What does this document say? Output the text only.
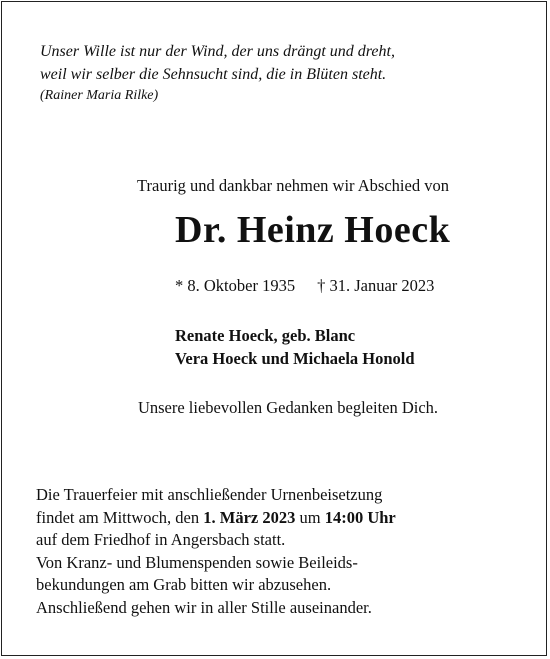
Unser Wille ist nur der Wind, der uns drängt und dreht,
weil wir selber die Sehnsucht sind, die in Blüten steht.
(Rainer Maria Rilke)
Traurig und dankbar nehmen wir Abschied von
Dr. Heinz Hoeck
* 8. Oktober 1935 † 31. Januar 2023
Renate Hoeck, geb. Blanc
Vera Hoeck und Michaela Honold
Unsere liebevollen Gedanken begleiten Dich.
Die Trauerfeier mit anschließender Urnenbeisetzung
findet am Mittwoch, den 1. März 2023 um 14:00 Uhr
auf dem Friedhof in Angersbach statt.
Von Kranz- und Blumenspenden sowie Beileids-
bekundungen am Grab bitten wir abzusehen.
Anschließend gehen wir in aller Stille auseinander.
